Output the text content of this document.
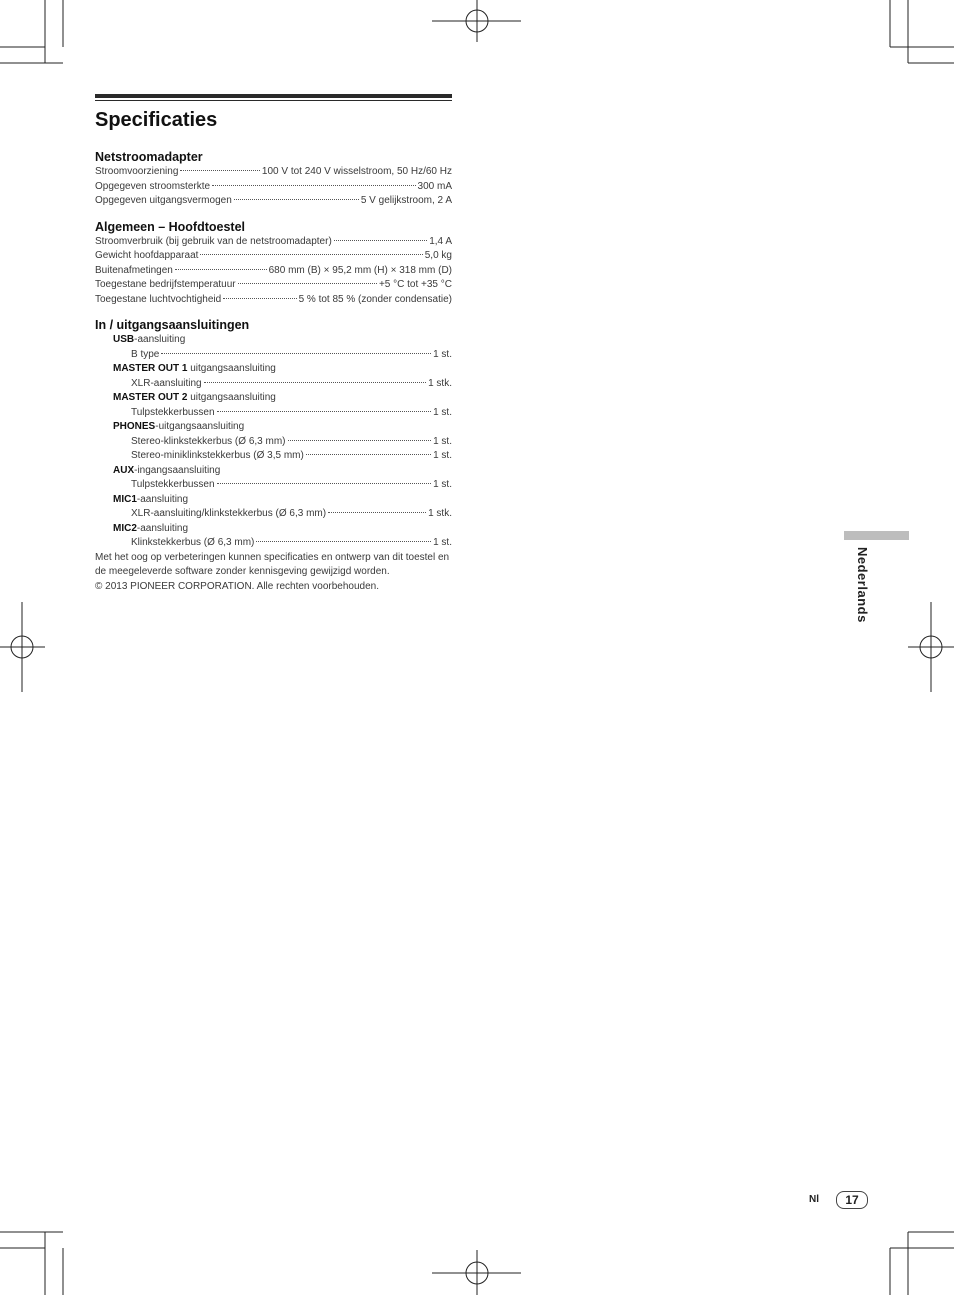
Specificaties
Netstroomadapter
Stroomvoorziening	100 V tot 240 V wisselstroom, 50 Hz/60 Hz
Opgegeven stroomsterkte	300 mA
Opgegeven uitgangsvermogen	5 V gelijkstroom, 2 A
Algemeen – Hoofdtoestel
Stroomverbruik (bij gebruik van de netstroomadapter)	1,4 A
Gewicht hoofdapparaat	5,0 kg
Buitenafmetingen	680 mm (B) × 95,2 mm (H) × 318 mm (D)
Toegestane bedrijfstemperatuur	+5 °C tot +35 °C
Toegestane luchtvochtigheid	5 % tot 85 % (zonder condensatie)
In / uitgangsaansluitingen
USB-aansluiting
B type	1 st.
MASTER OUT 1 uitgangsaansluiting
XLR-aansluiting	1 stk.
MASTER OUT 2 uitgangsaansluiting
Tulpstekkerbussen	1 st.
PHONES-uitgangsaansluiting
Stereo-klinkstekkerbus (Ø 6,3 mm)	1 st.
Stereo-miniklinkstekkerbus (Ø 3,5 mm)	1 st.
AUX-ingangsaansluiting
Tulpstekkerbussen	1 st.
MIC1-aansluiting
XLR-aansluiting/klinkstekkerbus (Ø 6,3 mm)	1 stk.
MIC2-aansluiting
Klinkstekkerbus (Ø 6,3 mm)	1 st.

Met het oog op verbeteringen kunnen specificaties en ontwerp van dit toestel en de meegeleverde software zonder kennisgeving gewijzigd worden.

© 2013 PIONEER CORPORATION. Alle rechten voorbehouden.	Nederlands
Nl	17
